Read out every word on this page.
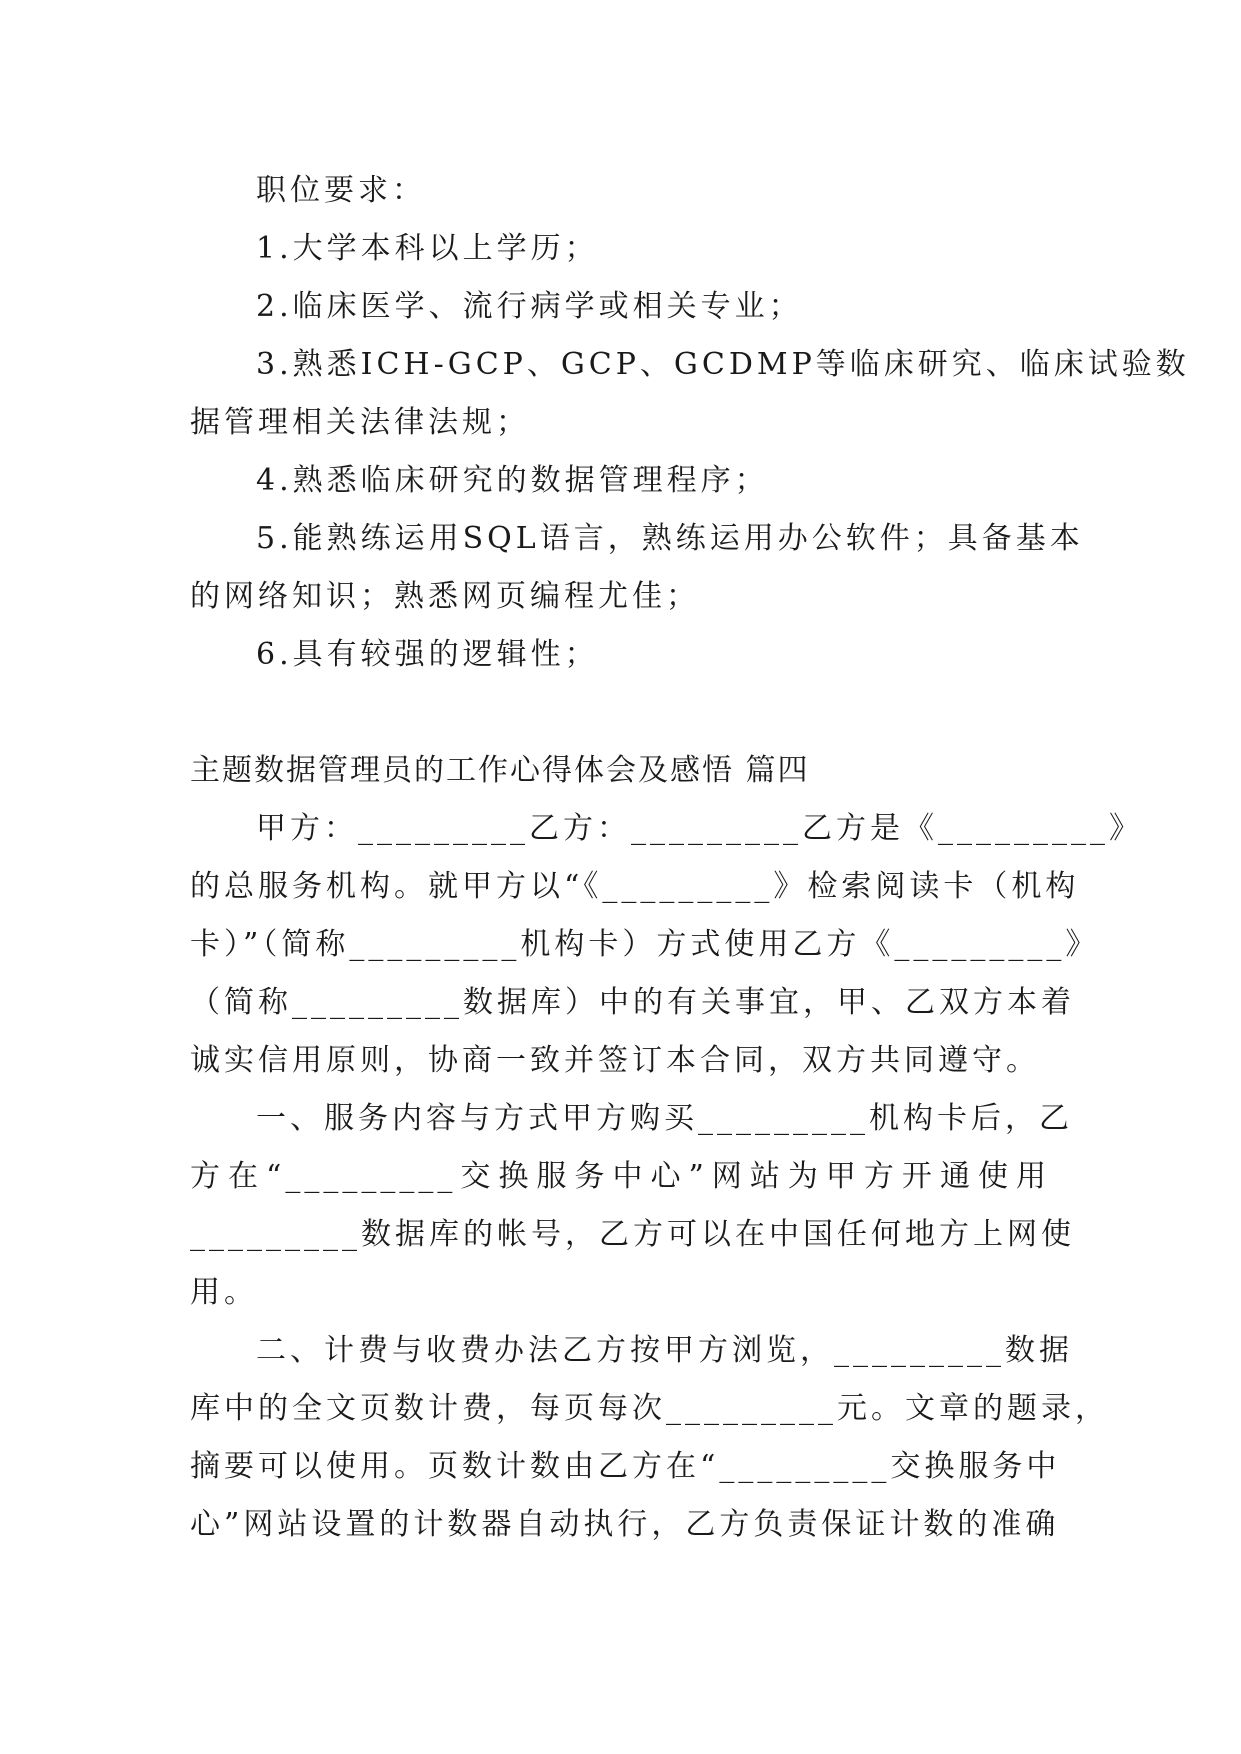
职位要求：
1.大学本科以上学历；
2.临床医学、流行病学或相关专业；
3.熟悉ICH-GCP、GCP、GCDMP等临床研究、临床试验数
据管理相关法律法规；
4.熟悉临床研究的数据管理程序；
5.能熟练运用SQL语言，熟练运用办公软件；具备基本
的网络知识；熟悉网页编程尤佳；
6.具有较强的逻辑性；
主题数据管理员的工作心得体会及感悟 篇四
甲方：_________乙方：_________乙方是《_________》
的总服务机构。就甲方以“《_________》检索阅读卡（机构
卡）”（简称_________机构卡）方式使用乙方《_________》
（简称_________数据库）中的有关事宜，甲、乙双方本着
诚实信用原则，协商一致并签订本合同，双方共同遵守。
一、服务内容与方式甲方购买_________机构卡后，乙
方在“_________交换服务中心”网站为甲方开通使用
_________数据库的帐号，乙方可以在中国任何地方上网使
用。
二、计费与收费办法乙方按甲方浏览，_________数据
库中的全文页数计费，每页每次_________元。文章的题录，
摘要可以使用。页数计数由乙方在“_________交换服务中
心”网站设置的计数器自动执行，乙方负责保证计数的准确
